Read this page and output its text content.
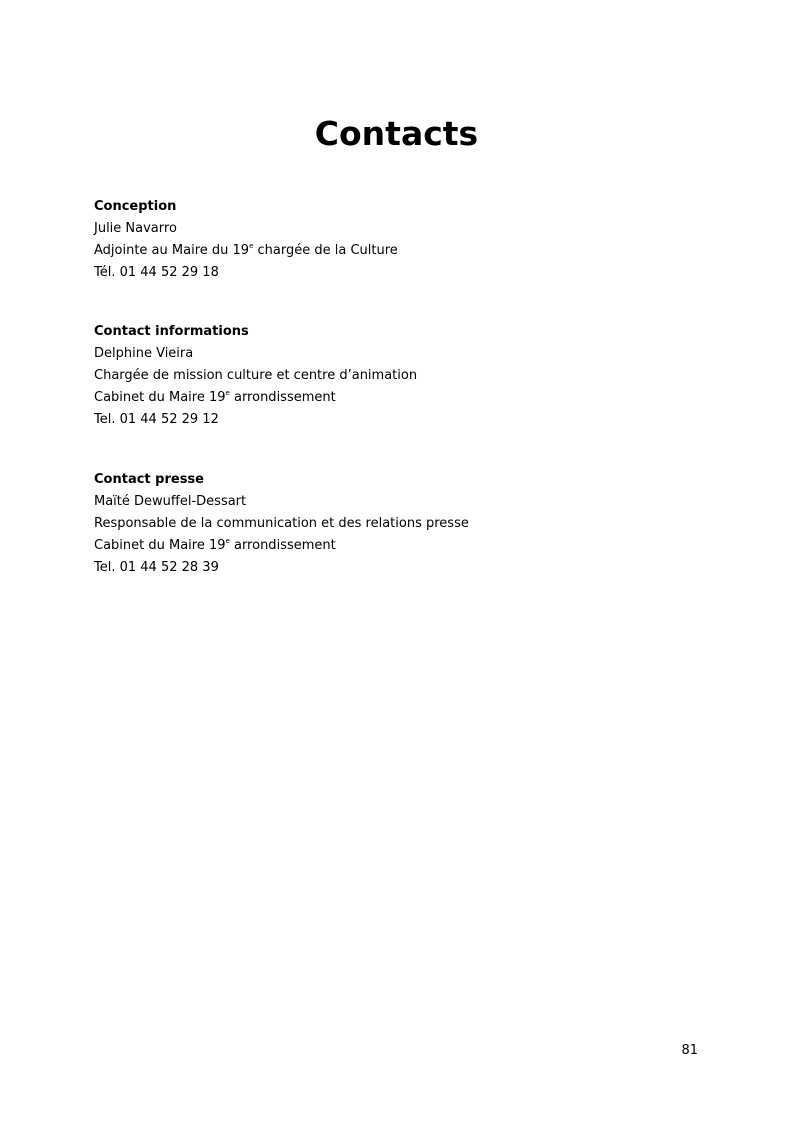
Contacts
Conception
Julie Navarro
Adjointe au Maire du 19e chargée de la Culture
Tél. 01 44 52 29 18
Contact informations
Delphine Vieira
Chargée de mission culture et centre d’animation
Cabinet du Maire 19e arrondissement
Tel. 01 44 52 29 12
Contact presse
Maïté Dewuffel-Dessart
Responsable de la communication et des relations presse
Cabinet du Maire 19e arrondissement
Tel. 01 44 52 28 39
81
